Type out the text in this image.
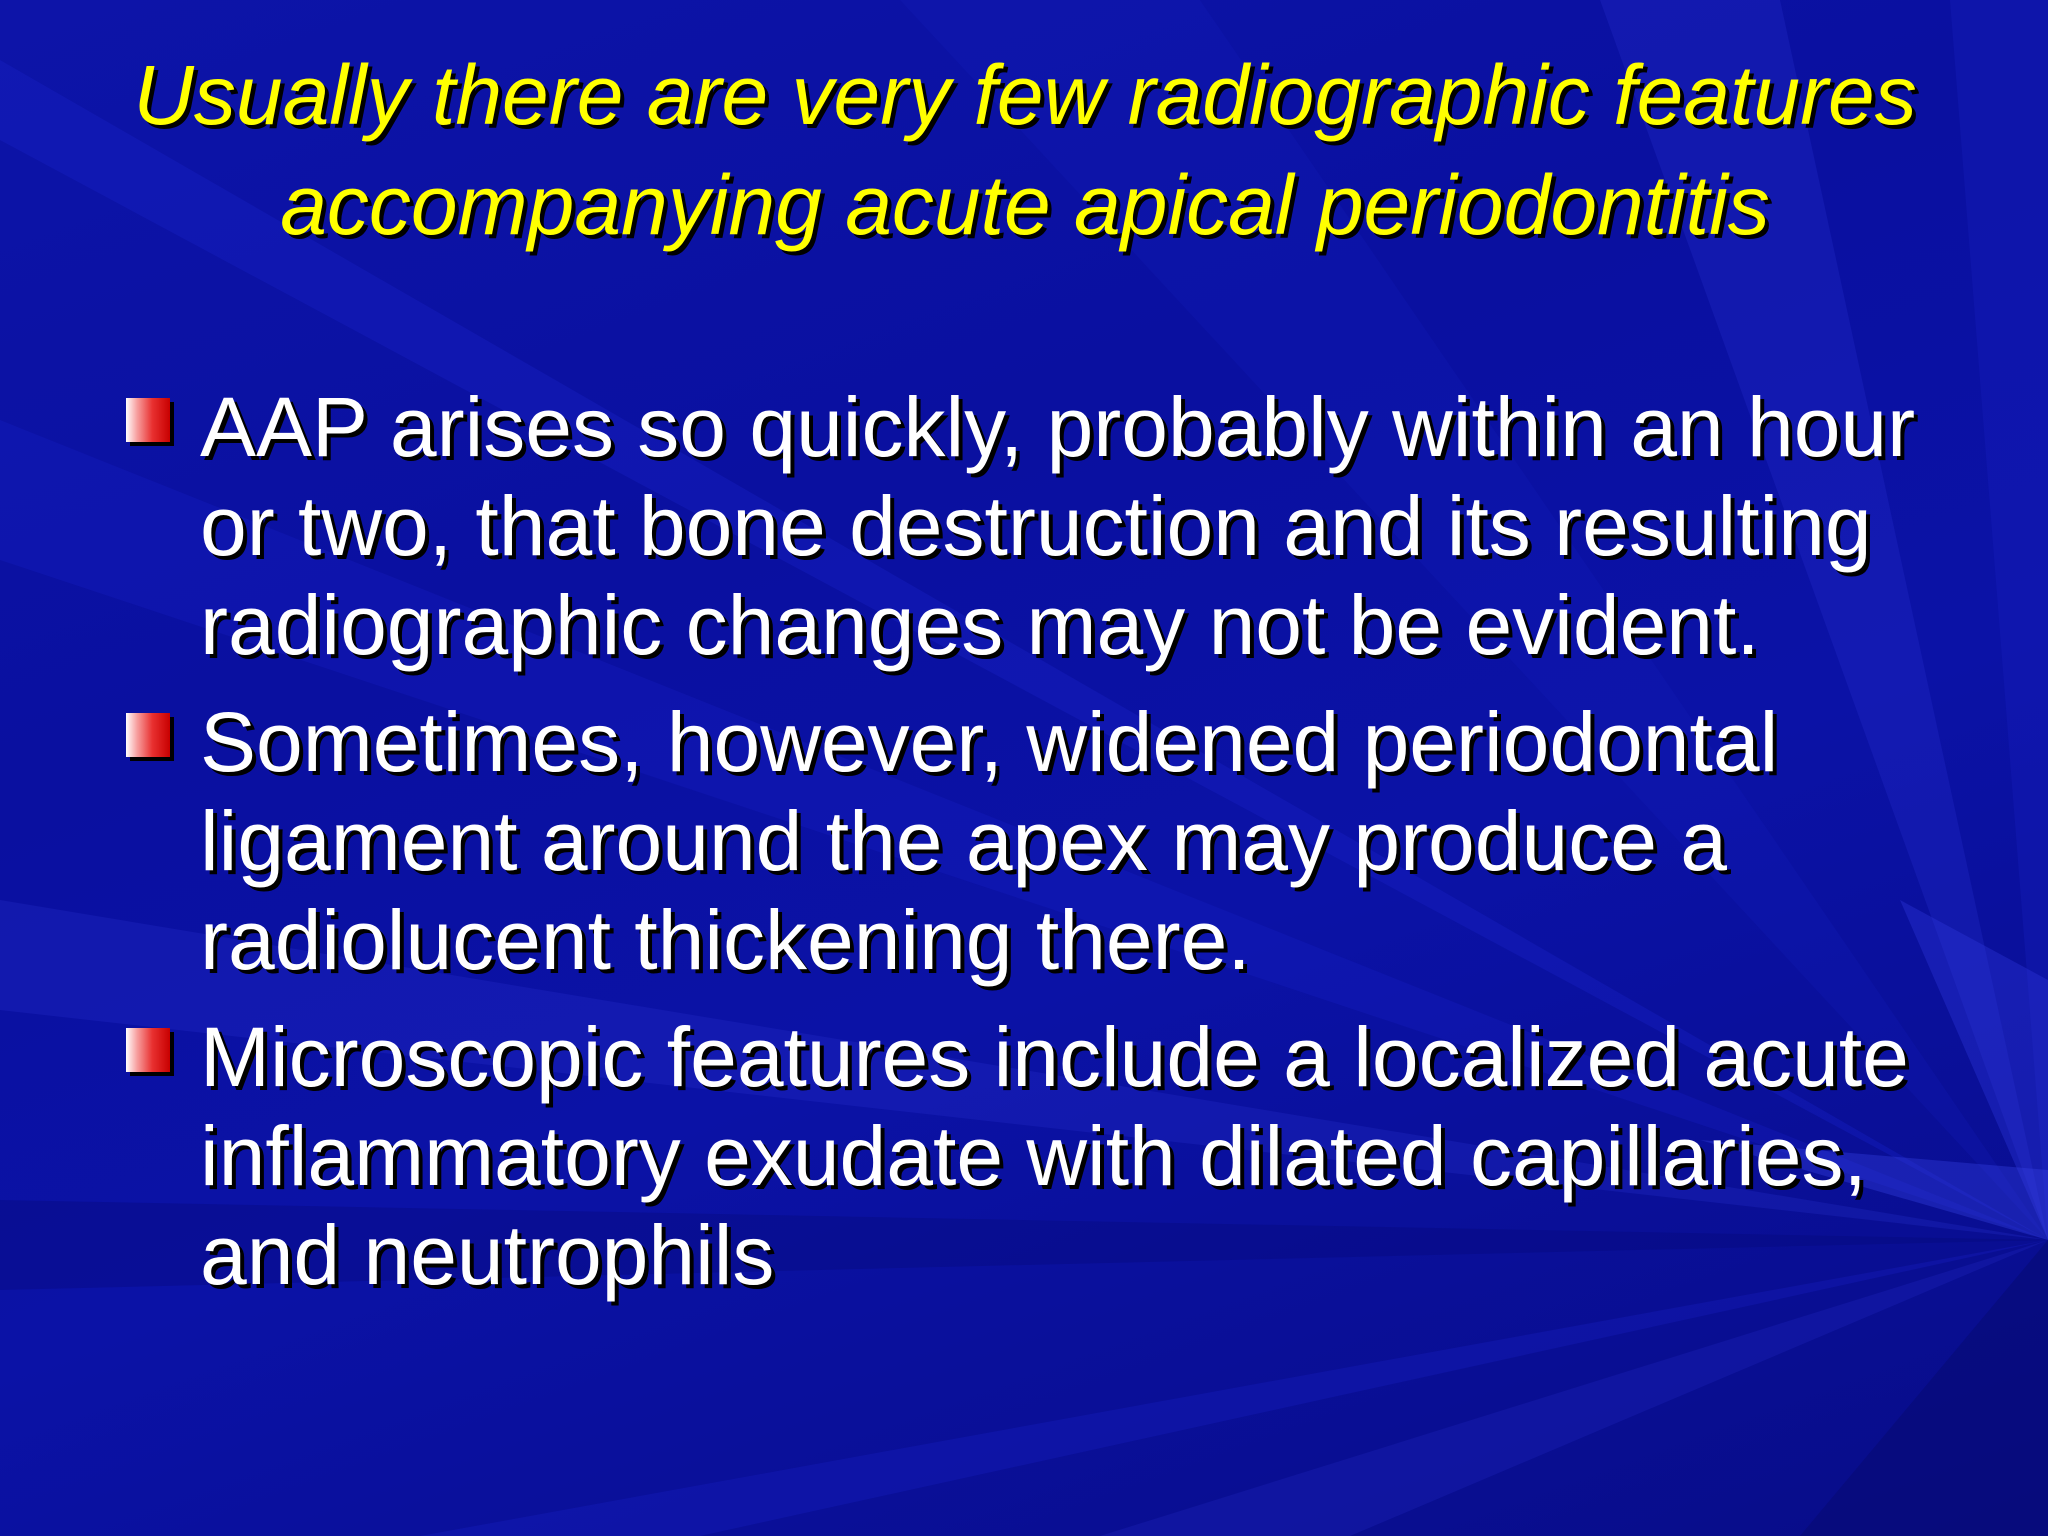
Usually there are very few radiographic features accompanying acute apical periodontitis
AAP arises so quickly, probably within an hour or two, that bone destruction and its resulting radiographic changes may not be evident.
Sometimes, however, widened periodontal ligament around the apex may produce a radiolucent thickening there.
Microscopic features include a localized acute inflammatory exudate with dilated capillaries, and neutrophils
